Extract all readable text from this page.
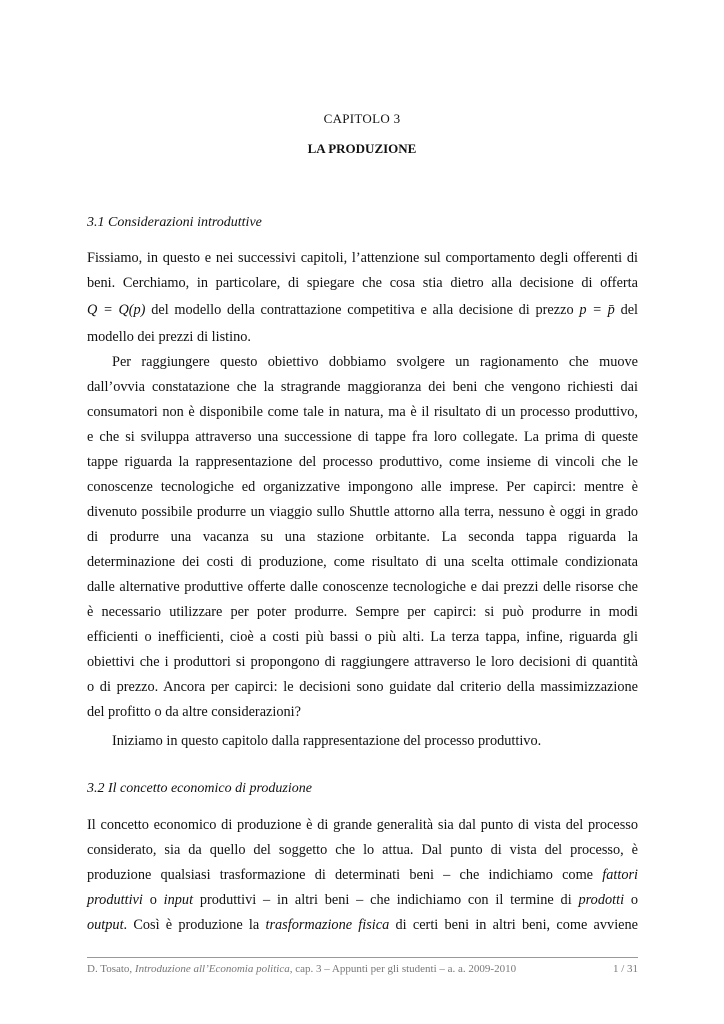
CAPITOLO 3
LA PRODUZIONE
3.1 Considerazioni introduttive
Fissiamo, in questo e nei successivi capitoli, l’attenzione sul comportamento degli offerenti di
beni. Cerchiamo, in particolare, di spiegare che cosa stia dietro alla decisione di offerta
Q = Q(p) del modello della contrattazione competitiva e alla decisione di prezzo p = p̄ del
modello dei prezzi di listino.
Per raggiungere questo obiettivo dobbiamo svolgere un ragionamento che muove
dall’ovvia constatazione che la stragrande maggioranza dei beni che vengono richiesti dai
consumatori non è disponibile come tale in natura, ma è il risultato di un processo produttivo,
e che si sviluppa attraverso una successione di tappe fra loro collegate. La prima di queste
tappe riguarda la rappresentazione del processo produttivo, come insieme di vincoli che le
conoscenze tecnologiche ed organizzative impongono alle imprese. Per capirci: mentre è
divenuto possibile produrre un viaggio sullo Shuttle attorno alla terra, nessuno è oggi in grado
di produrre una vacanza su una stazione orbitante. La seconda tappa riguarda la
determinazione dei costi di produzione, come risultato di una scelta ottimale condizionata
dalle alternative produttive offerte dalle conoscenze tecnologiche e dai prezzi delle risorse che
è necessario utilizzare per poter produrre. Sempre per capirci: si può produrre in modi
efficienti o inefficienti, cioè a costi più bassi o più alti. La terza tappa, infine, riguarda gli
obiettivi che i produttori si propongono di raggiungere attraverso le loro decisioni di quantità
o di prezzo. Ancora per capirci: le decisioni sono guidate dal criterio della massimizzazione
del profitto o da altre considerazioni?
Iniziamo in questo capitolo dalla rappresentazione del processo produttivo.
3.2 Il concetto economico di produzione
Il concetto economico di produzione è di grande generalità sia dal punto di vista del processo
considerato, sia da quello del soggetto che lo attua. Dal punto di vista del processo, è
produzione qualsiasi trasformazione di determinati beni – che indichiamo come fattori
produttivi o input produttivi – in altri beni – che indichiamo con il termine di prodotti o
output. Così è produzione la trasformazione fisica di certi beni in altri beni, come avviene
D. Tosato, Introduzione all’Economia politica, cap. 3 – Appunti per gli studenti – a. a. 2009-2010	1 / 31
